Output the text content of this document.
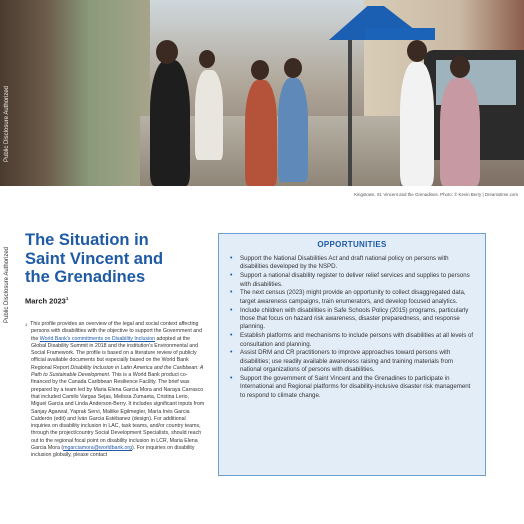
Public Disclosure Authorized
Public Disclosure Authorized
Kingstown, St. Vincent and the Grenadines. Photo: © Kevin Berry | Dreamstime.com
The Situation in
Saint Vincent and
the Grenadines
March 2023$^1$
$^1$ This profile provides an overview of the legal and social context affecting persons with disabilities with the objective to support the Government and the World Bank's commitments on Disability Inclusion adopted at the Global Disability Summit in 2018 and the institution's Environmental and Social Framework. The profile is based on a literature review of publicly official available documents but especially based on the World Bank Regional Report Disability Inclusion in Latin America and the Caribbean: A Path to Sustainable Development. This is a World Bank product co-financed by the Canada Caribbean Resilience Facility. The brief was prepared by a team led by Maria Elena Garcia Mora and Naraya Carrasco that included Camilo Vargas Sejas, Melissa Zumaeta, Cristina Lerio, Miguel Garcia and Linda Anderson-Berry. It includes significant inputs from Sanjay Agarwal, Yaprak Servi, Maliike Egilmegler, María Inés Garcia Calderón (edit) and Iván Garcia Estébanez (design). For additional inquiries on disability inclusion in LAC, task teams, and/or country teams, through the project/country Social Development Specialists, should reach out to the regional focal point on disability inclusion in LCR, Maria Elena Garcia Mora (mgarciamora@worldbank.org). For inquiries on disability inclusion globally, please contact
OPPORTUNITIES
• Support the National Disabilities Act and draft national policy on persons with disabilities developed by the NSPD.
• Support a national disability register to deliver relief services and supplies to persons with disabilities.
• The next census (2023) might provide an opportunity to collect disaggregated data, target awareness campaigns, train enumerators, and develop focused analytics.
• Include children with disabilities in Safe Schools Policy (2015) programs, particularly those that focus on hazard risk awareness, disaster preparedness, and response planning.
• Establish platforms and mechanisms to include persons with disabilities at all levels of consultation and planning.
• Assist DRM and CR practitioners to improve approaches toward persons with disabilities; use readily available awareness raising and training materials from national organizations of persons with disabilities.
• Support the government of Saint Vincent and the Grenadines to participate in International and Regional platforms for disability-inclusive disaster risk management to respond to climate change.
